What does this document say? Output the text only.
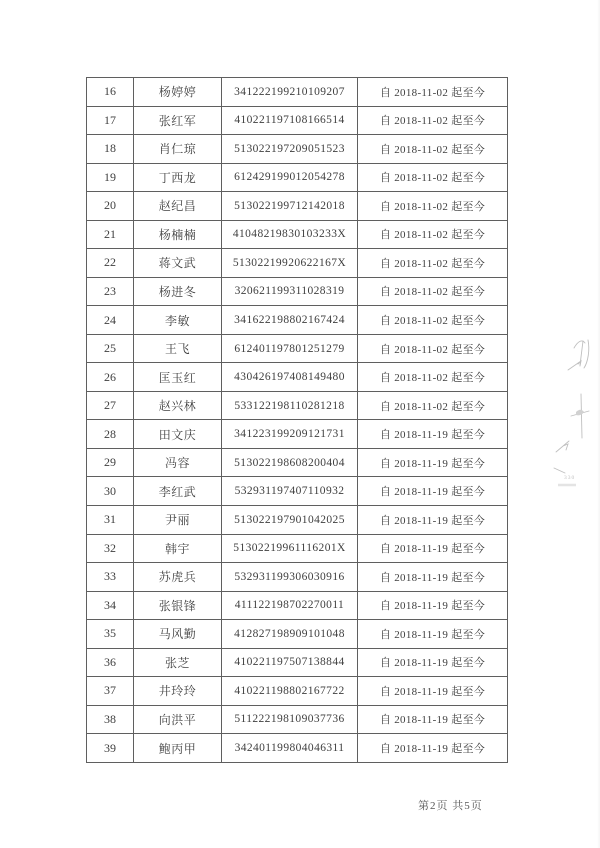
16	杨婷婷	341222199210109207	自 2018-11-02 起至今
17	张红军	410221197108166514	自 2018-11-02 起至今
18	肖仁琼	513022197209051523	自 2018-11-02 起至今
19	丁西龙	612429199012054278	自 2018-11-02 起至今
20	赵纪昌	513022199712142018	自 2018-11-02 起至今
21	杨楠楠	41048219830103233X	自 2018-11-02 起至今
22	蒋文武	51302219920622167X	自 2018-11-02 起至今
23	杨进冬	320621199311028319	自 2018-11-02 起至今
24	李敏	341622198802167424	自 2018-11-02 起至今
25	王飞	612401197801251279	自 2018-11-02 起至今
26	匡玉红	430426197408149480	自 2018-11-02 起至今
27	赵兴林	533122198110281218	自 2018-11-02 起至今
28	田文庆	341223199209121731	自 2018-11-19 起至今
29	冯容	513022198608200404	自 2018-11-19 起至今
30	李红武	532931197407110932	自 2018-11-19 起至今
31	尹丽	513022197901042025	自 2018-11-19 起至今
32	韩宇	51302219961116201X	自 2018-11-19 起至今
33	苏虎兵	532931199306030916	自 2018-11-19 起至今
34	张银锋	411122198702270011	自 2018-11-19 起至今
35	马风勤	412827198909101048	自 2018-11-19 起至今
36	张芝	410221197507138844	自 2018-11-19 起至今
37	井玲玲	410221198802167722	自 2018-11-19 起至今
38	向洪平	511222198109037736	自 2018-11-19 起至今
39	鲍丙甲	342401199804046311	自 2018-11-19 起至今
330
第2页 共5页
